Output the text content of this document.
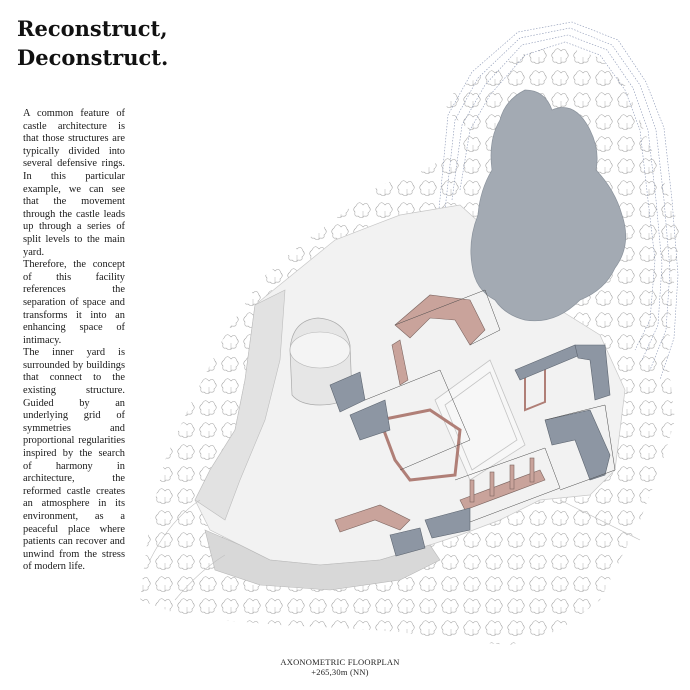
Reconstruct,
Deconstruct.

A common feature of castle architecture is that those structures are typically divided into several defensive rings. In this particular example, we can see that the movement through the castle leads up through a series of split levels to the main yard.

Therefore, the concept of this facility references the separation of space and transforms it into an enhancing space of intimacy.

The inner yard is surrounded by buildings that connect to the existing structure. Guided by an underlying grid of symmetries and proportional regularities inspired by the search of harmony in architecture, the reformed castle creates an atmosphere in its environment, as a peaceful place where patients can recover and unwind from the stress of modern life.

AXONOMETRIC FLOORPLAN
+265,30m (NN)
